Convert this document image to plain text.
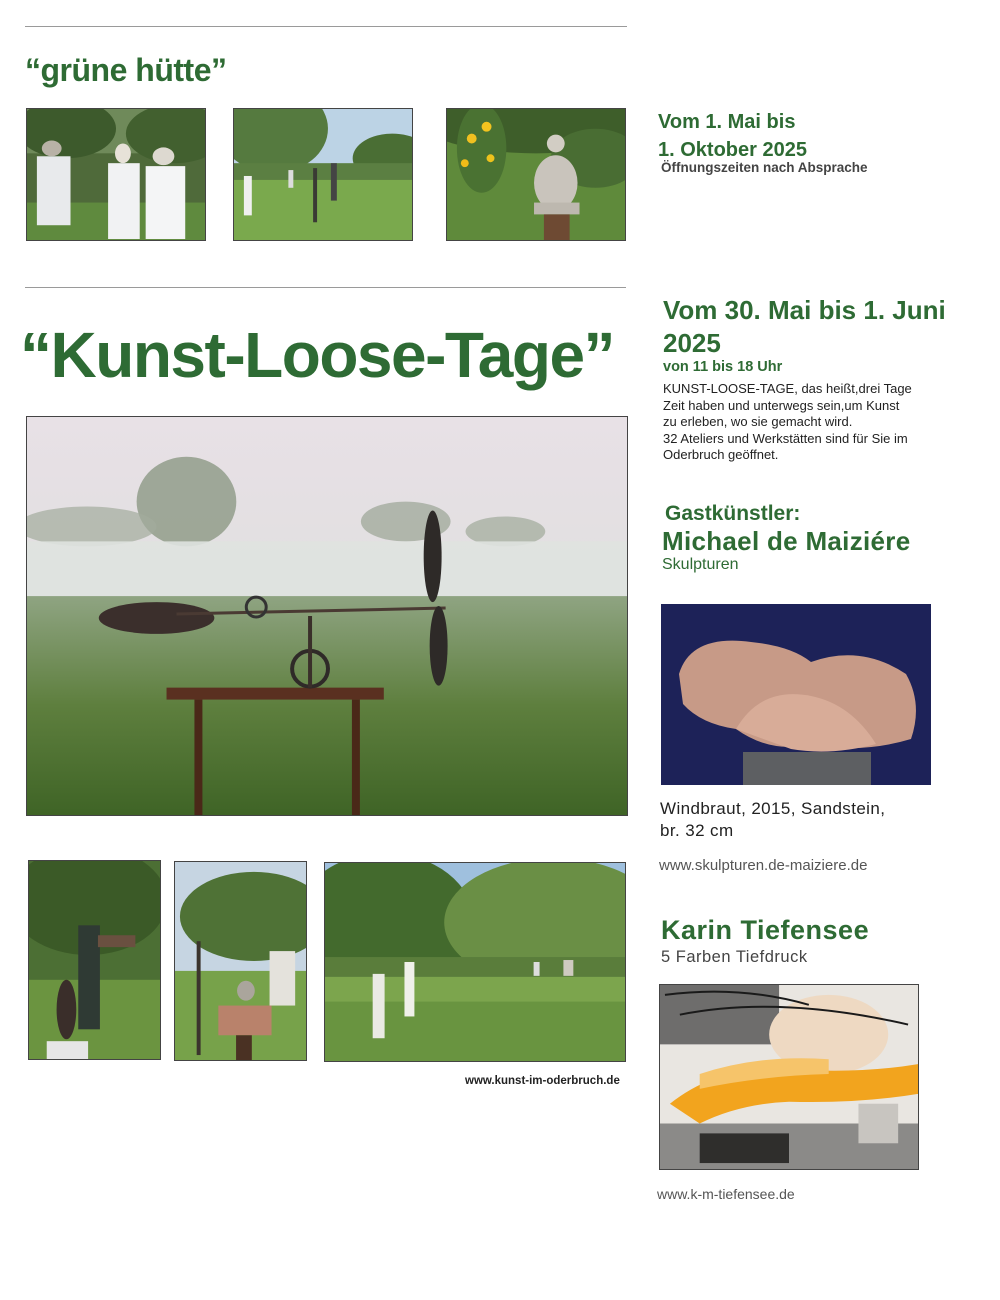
“grüne hütte”
Vom 1. Mai bis
1. Oktober 2025
Öffnungszeiten nach Absprache
“Kunst-Loose-Tage”
Vom 30. Mai bis 1. Juni
2025
von 11 bis 18 Uhr
KUNST-LOOSE-TAGE, das heißt,drei Tage
Zeit haben und unterwegs sein,um Kunst
zu erleben, wo sie gemacht wird.
32 Ateliers und Werkstätten sind für Sie im
Oderbruch geöffnet.
www.kunst-im-oderbruch.de
Gastkünstler:
Michael de Maiziére
Skulpturen
Windbraut, 2015, Sandstein,
br. 32 cm
www.skulpturen.de-maiziere.de
Karin Tiefensee
5 Farben Tiefdruck
www.k-m-tiefensee.de
